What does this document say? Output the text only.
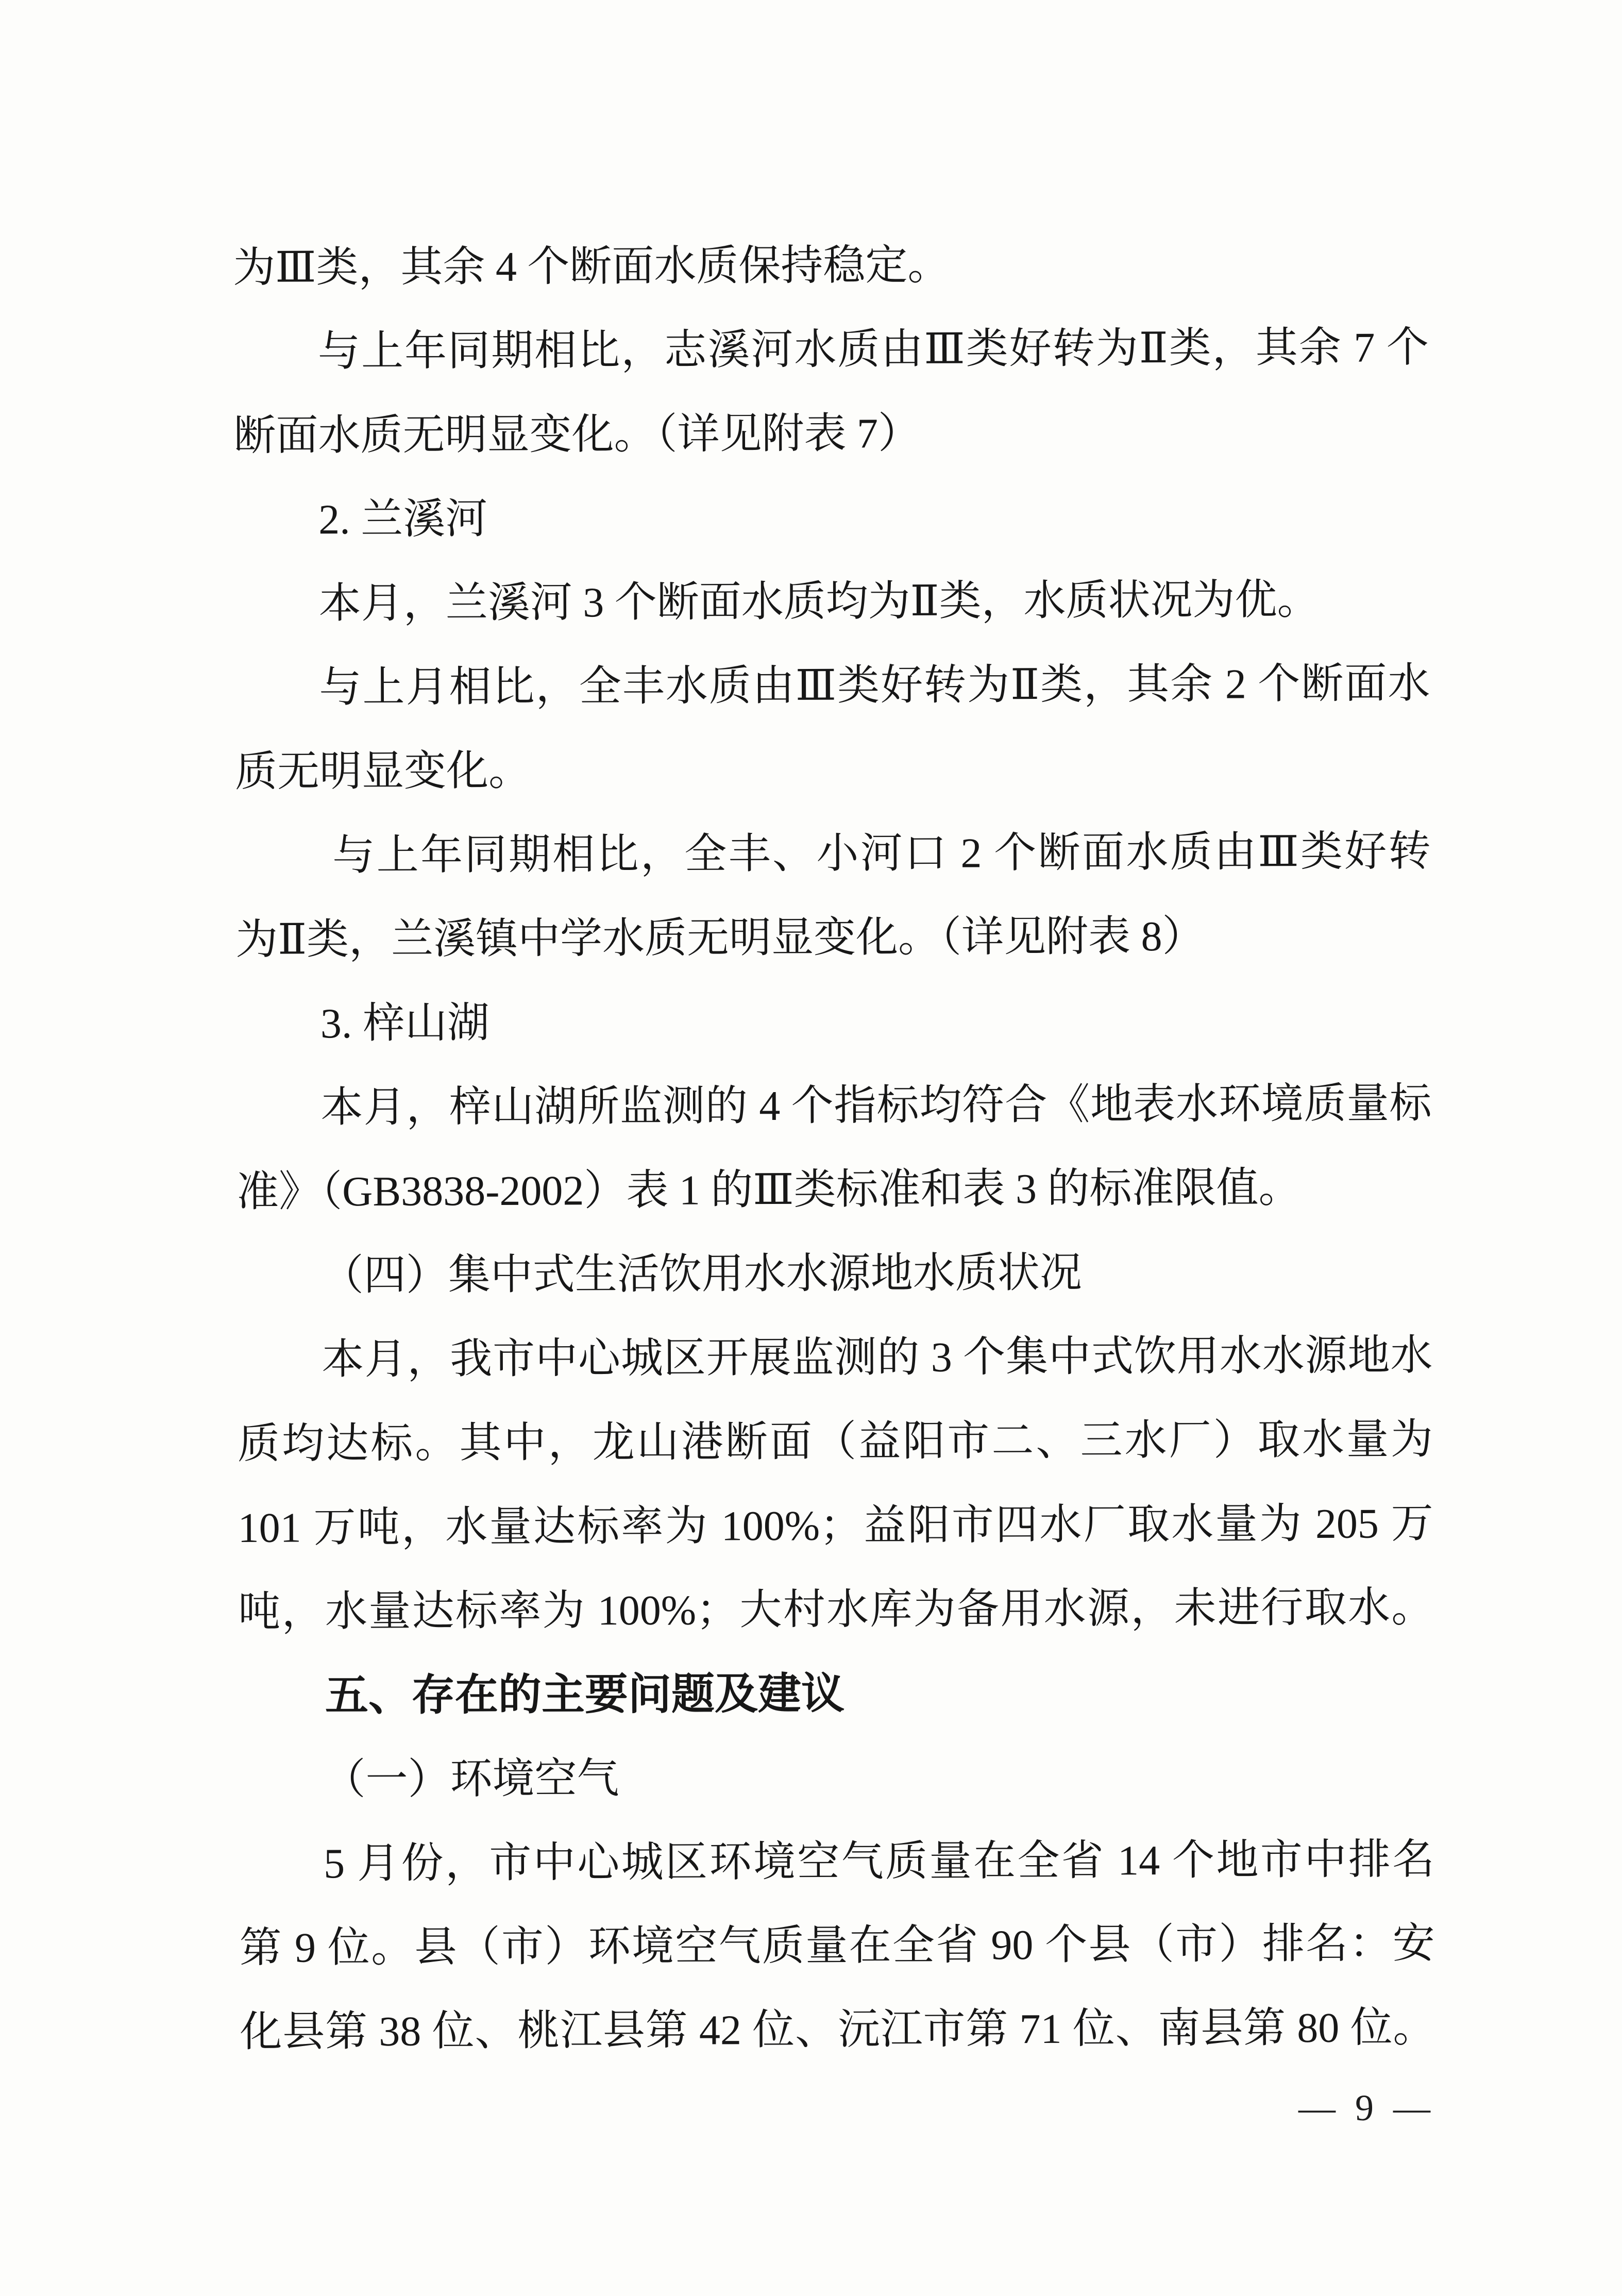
为Ⅲ类，其余 4 个断面水质保持稳定。
与上年同期相比，志溪河水质由Ⅲ类好转为Ⅱ类，其余 7 个
断面水质无明显变化。（详见附表 7）
2. 兰溪河
本月，兰溪河 3 个断面水质均为Ⅱ类，水质状况为优。
与上月相比，全丰水质由Ⅲ类好转为Ⅱ类，其余 2 个断面水
质无明显变化。
与上年同期相比，全丰、小河口 2 个断面水质由Ⅲ类好转
为Ⅱ类，兰溪镇中学水质无明显变化。（详见附表 8）
3. 梓山湖
本月，梓山湖所监测的 4 个指标均符合《地表水环境质量标
准》（GB3838-2002）表 1 的Ⅲ类标准和表 3 的标准限值。
（四）集中式生活饮用水水源地水质状况
本月，我市中心城区开展监测的 3 个集中式饮用水水源地水
质均达标。其中，龙山港断面（益阳市二、三水厂）取水量为
101 万吨，水量达标率为 100%；益阳市四水厂取水量为 205 万
吨，水量达标率为 100%；大村水库为备用水源，未进行取水。
五、存在的主要问题及建议
（一）环境空气
5 月份，市中心城区环境空气质量在全省 14 个地市中排名
第 9 位。县（市）环境空气质量在全省 90 个县（市）排名：安
化县第 38 位、桃江县第 42 位、沅江市第 71 位、南县第 80 位。
— 9 —
